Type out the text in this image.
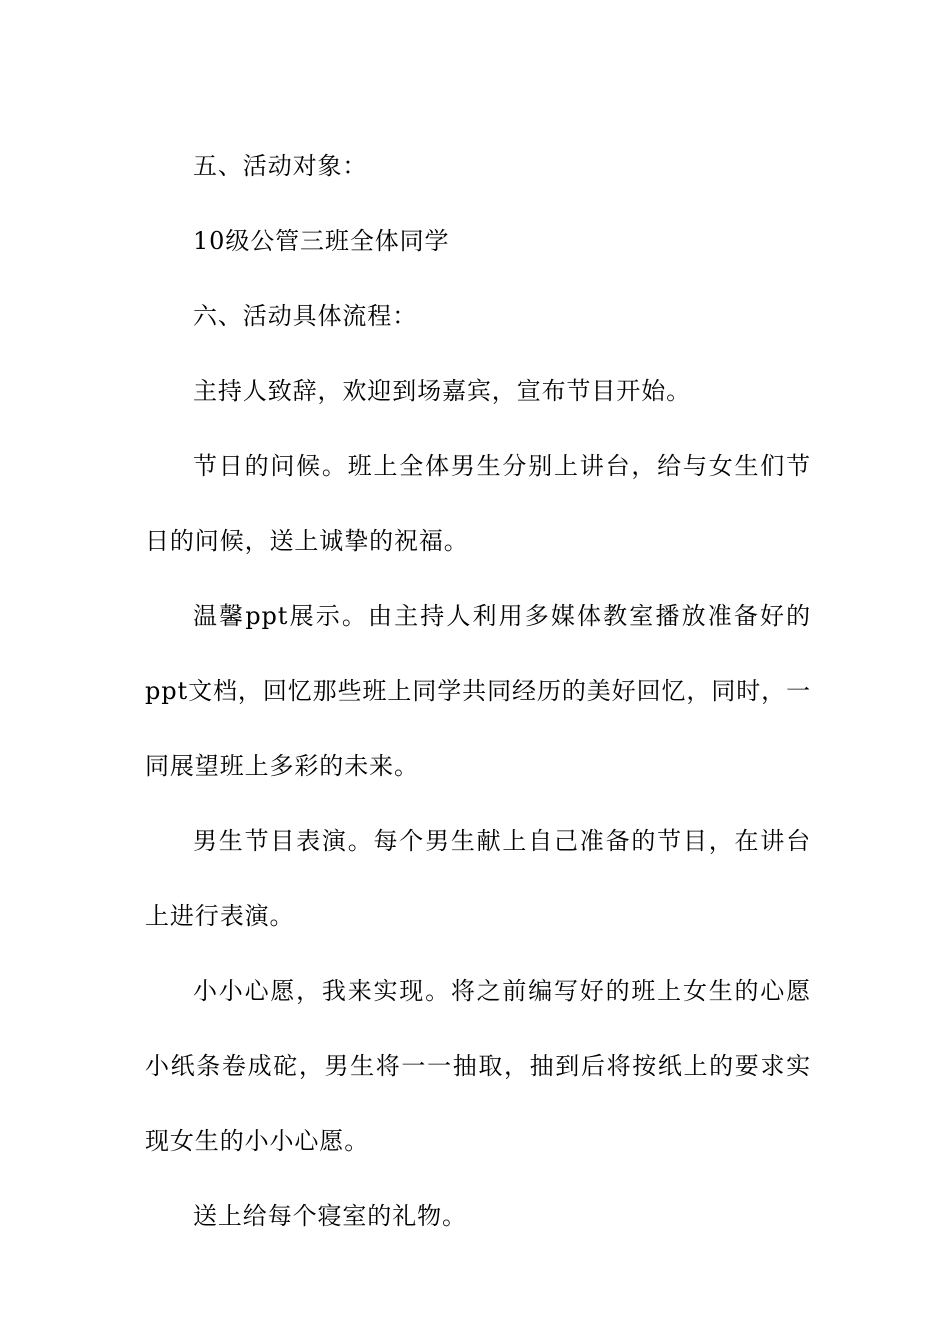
五、活动对象：

10级公管三班全体同学

六、活动具体流程：

主持人致辞，欢迎到场嘉宾，宣布节目开始。

节日的问候。班上全体男生分别上讲台，给与女生们节日的问候，送上诚挚的祝福。

温馨ppt展示。由主持人利用多媒体教室播放准备好的ppt文档，回忆那些班上同学共同经历的美好回忆，同时，一同展望班上多彩的未来。

男生节目表演。每个男生献上自己准备的节目，在讲台上进行表演。

小小心愿，我来实现。将之前编写好的班上女生的心愿小纸条卷成砣，男生将一一抽取，抽到后将按纸上的要求实现女生的小小心愿。

送上给每个寝室的礼物。
